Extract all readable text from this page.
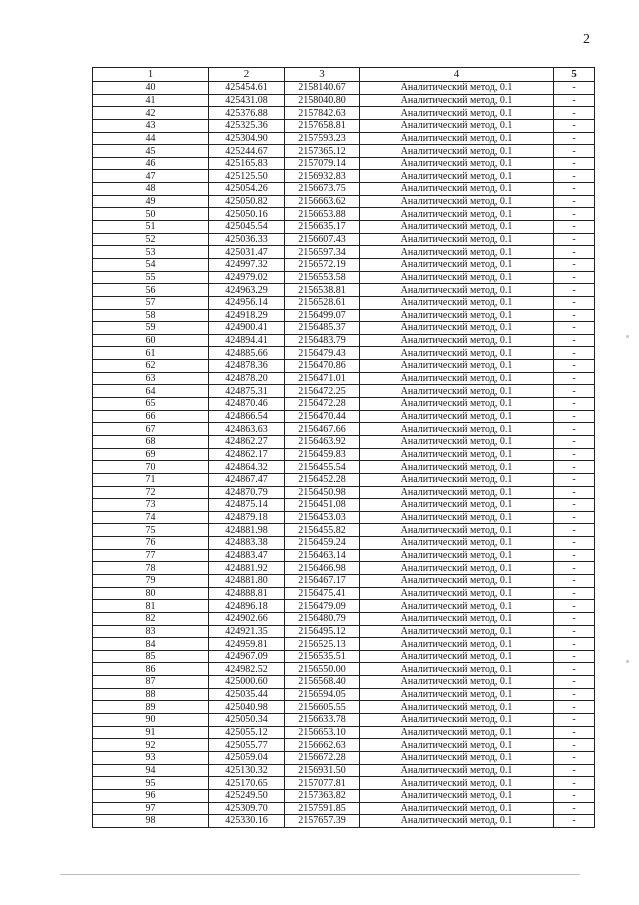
2
1	2	3	4	5
40	425454.61	2158140.67	Аналитический метод, 0.1	-
41	425431.08	2158040.80	Аналитический метод, 0.1	-
42	425376.88	2157842.63	Аналитический метод, 0.1	-
43	425325.36	2157658.81	Аналитический метод, 0.1	-
44	425304.90	2157593.23	Аналитический метод, 0.1	-
45	425244.67	2157365.12	Аналитический метод, 0.1	-
46	425165.83	2157079.14	Аналитический метод, 0.1	-
47	425125.50	2156932.83	Аналитический метод, 0.1	-
48	425054.26	2156673.75	Аналитический метод, 0.1	-
49	425050.82	2156663.62	Аналитический метод, 0.1	-
50	425050.16	2156653.88	Аналитический метод, 0.1	-
51	425045.54	2156635.17	Аналитический метод, 0.1	-
52	425036.33	2156607.43	Аналитический метод, 0.1	-
53	425031.47	2156597.34	Аналитический метод, 0.1	-
54	424997.32	2156572.19	Аналитический метод, 0.1	-
55	424979.02	2156553.58	Аналитический метод, 0.1	-
56	424963.29	2156538.81	Аналитический метод, 0.1	-
57	424956.14	2156528.61	Аналитический метод, 0.1	-
58	424918.29	2156499.07	Аналитический метод, 0.1	-
59	424900.41	2156485.37	Аналитический метод, 0.1	-
60	424894.41	2156483.79	Аналитический метод, 0.1	-
61	424885.66	2156479.43	Аналитический метод, 0.1	-
62	424878.36	2156470.86	Аналитический метод, 0.1	-
63	424878.20	2156471.01	Аналитический метод, 0.1	-
64	424875.31	2156472.25	Аналитический метод, 0.1	-
65	424870.46	2156472.28	Аналитический метод, 0.1	-
66	424866.54	2156470.44	Аналитический метод, 0.1	-
67	424863.63	2156467.66	Аналитический метод, 0.1	-
68	424862.27	2156463.92	Аналитический метод, 0.1	-
69	424862.17	2156459.83	Аналитический метод, 0.1	-
70	424864.32	2156455.54	Аналитический метод, 0.1	-
71	424867.47	2156452.28	Аналитический метод, 0.1	-
72	424870.79	2156450.98	Аналитический метод, 0.1	-
73	424875.14	2156451.08	Аналитический метод, 0.1	-
74	424879.18	2156453.03	Аналитический метод, 0.1	-
75	424881.98	2156455.82	Аналитический метод, 0.1	-
76	424883.38	2156459.24	Аналитический метод, 0.1	-
77	424883.47	2156463.14	Аналитический метод, 0.1	-
78	424881.92	2156466.98	Аналитический метод, 0.1	-
79	424881.80	2156467.17	Аналитический метод, 0.1	-
80	424888.81	2156475.41	Аналитический метод, 0.1	-
81	424896.18	2156479.09	Аналитический метод, 0.1	-
82	424902.66	2156480.79	Аналитический метод, 0.1	-
83	424921.35	2156495.12	Аналитический метод, 0.1	-
84	424959.81	2156525.13	Аналитический метод, 0.1	-
85	424967.09	2156535.51	Аналитический метод, 0.1	-
86	424982.52	2156550.00	Аналитический метод, 0.1	-
87	425000.60	2156568.40	Аналитический метод, 0.1	-
88	425035.44	2156594.05	Аналитический метод, 0.1	-
89	425040.98	2156605.55	Аналитический метод, 0.1	-
90	425050.34	2156633.78	Аналитический метод, 0.1	-
91	425055.12	2156653.10	Аналитический метод, 0.1	-
92	425055.77	2156662.63	Аналитический метод, 0.1	-
93	425059.04	2156672.28	Аналитический метод, 0.1	-
94	425130.32	2156931.50	Аналитический метод, 0.1	-
95	425170.65	2157077.81	Аналитический метод, 0.1	-
96	425249.50	2157363.82	Аналитический метод, 0.1	-
97	425309.70	2157591.85	Аналитический метод, 0.1	-
98	425330.16	2157657.39	Аналитический метод, 0.1	-
